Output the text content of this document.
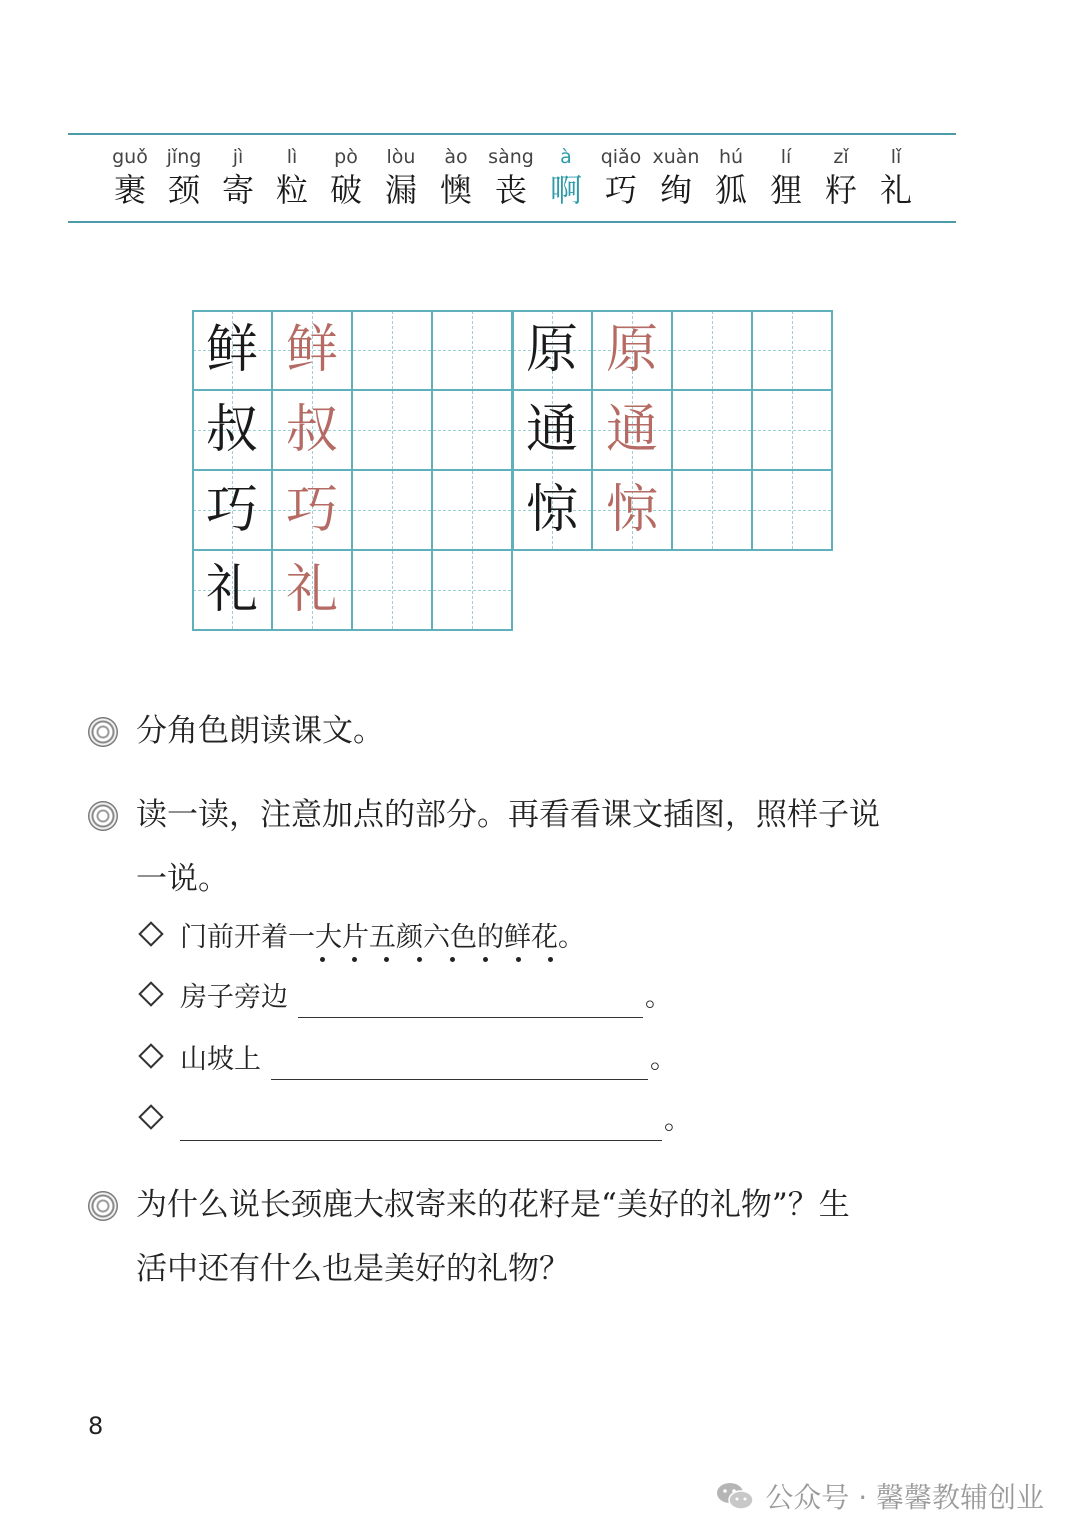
guǒ
裹
jǐng
颈
jì
寄
lì
粒
pò
破
lòu
漏
ào
懊
sàng
丧
à
啊
qiǎo
巧
xuàn
绚
hú
狐
lí
狸
zǐ
籽
lǐ
礼
鲜 鲜
叔 叔
巧 巧
礼 礼
原 原
通 通
惊 惊
分角色朗读课文。
读一读，注意加点的部分。再看看课文插图，照样子说
一说。
门前开着一大片五颜六色的鲜花。
房子旁边	。
山坡上	。
。
为什么说长颈鹿大叔寄来的花籽是“美好的礼物”？生
活中还有什么也是美好的礼物？
8
公众号 · 馨馨教辅创业
